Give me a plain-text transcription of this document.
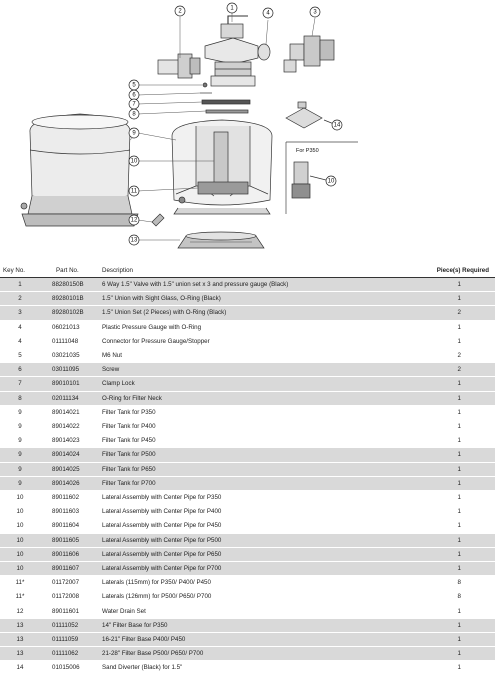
2	1
4	3
5
6
7
8
9
10
11
12
13
14
10
For P350
Key No.	Part No.	Description	Piece(s) Required
1	88280150B	6 Way 1.5" Valve with 1.5" union set x 3 and pressure gauge (Black)	1
2	89280101B	1.5" Union with Sight Glass, O-Ring (Black)	1
3	89280102B	1.5" Union Set (2 Pieces) with O-Ring (Black)	2
4	06021013	Plastic Pressure Gauge with O-Ring	1
4	01111048	Connector for Pressure Gauge/Stopper	1
5	03021035	M6 Nut	2
6	03011095	Screw	2
7	89010101	Clamp Lock	1
8	02011134	O-Ring for Filter Neck	1
9	89014021	Filter Tank for P350	1
9	89014022	Filter Tank for P400	1
9	89014023	Filter Tank for P450	1
9	89014024	Filter Tank for P500	1
9	89014025	Filter Tank for P650	1
9	89014026	Filter Tank for P700	1
10	89011602	Lateral Assembly with Center Pipe for P350	1
10	89011603	Lateral Assembly with Center Pipe for P400	1
10	89011604	Lateral Assembly with Center Pipe for P450	1
10	89011605	Lateral Assembly with Center Pipe for P500	1
10	89011606	Lateral Assembly with Center Pipe for P650	1
10	89011607	Lateral Assembly with Center Pipe for P700	1
11*	01172007	Laterals (115mm) for P350/ P400/ P450	8
11*	01172008	Laterals (126mm) for P500/ P650/ P700	8
12	89011601	Water Drain Set	1
13	01111052	14" Filter Base for P350	1
13	01111059	16-21" Filter Base P400/ P450	1
13	01111062	21-28" Filter Base P500/ P650/ P700	1
14	01015006	Sand Diverter (Black) for 1.5"	1
